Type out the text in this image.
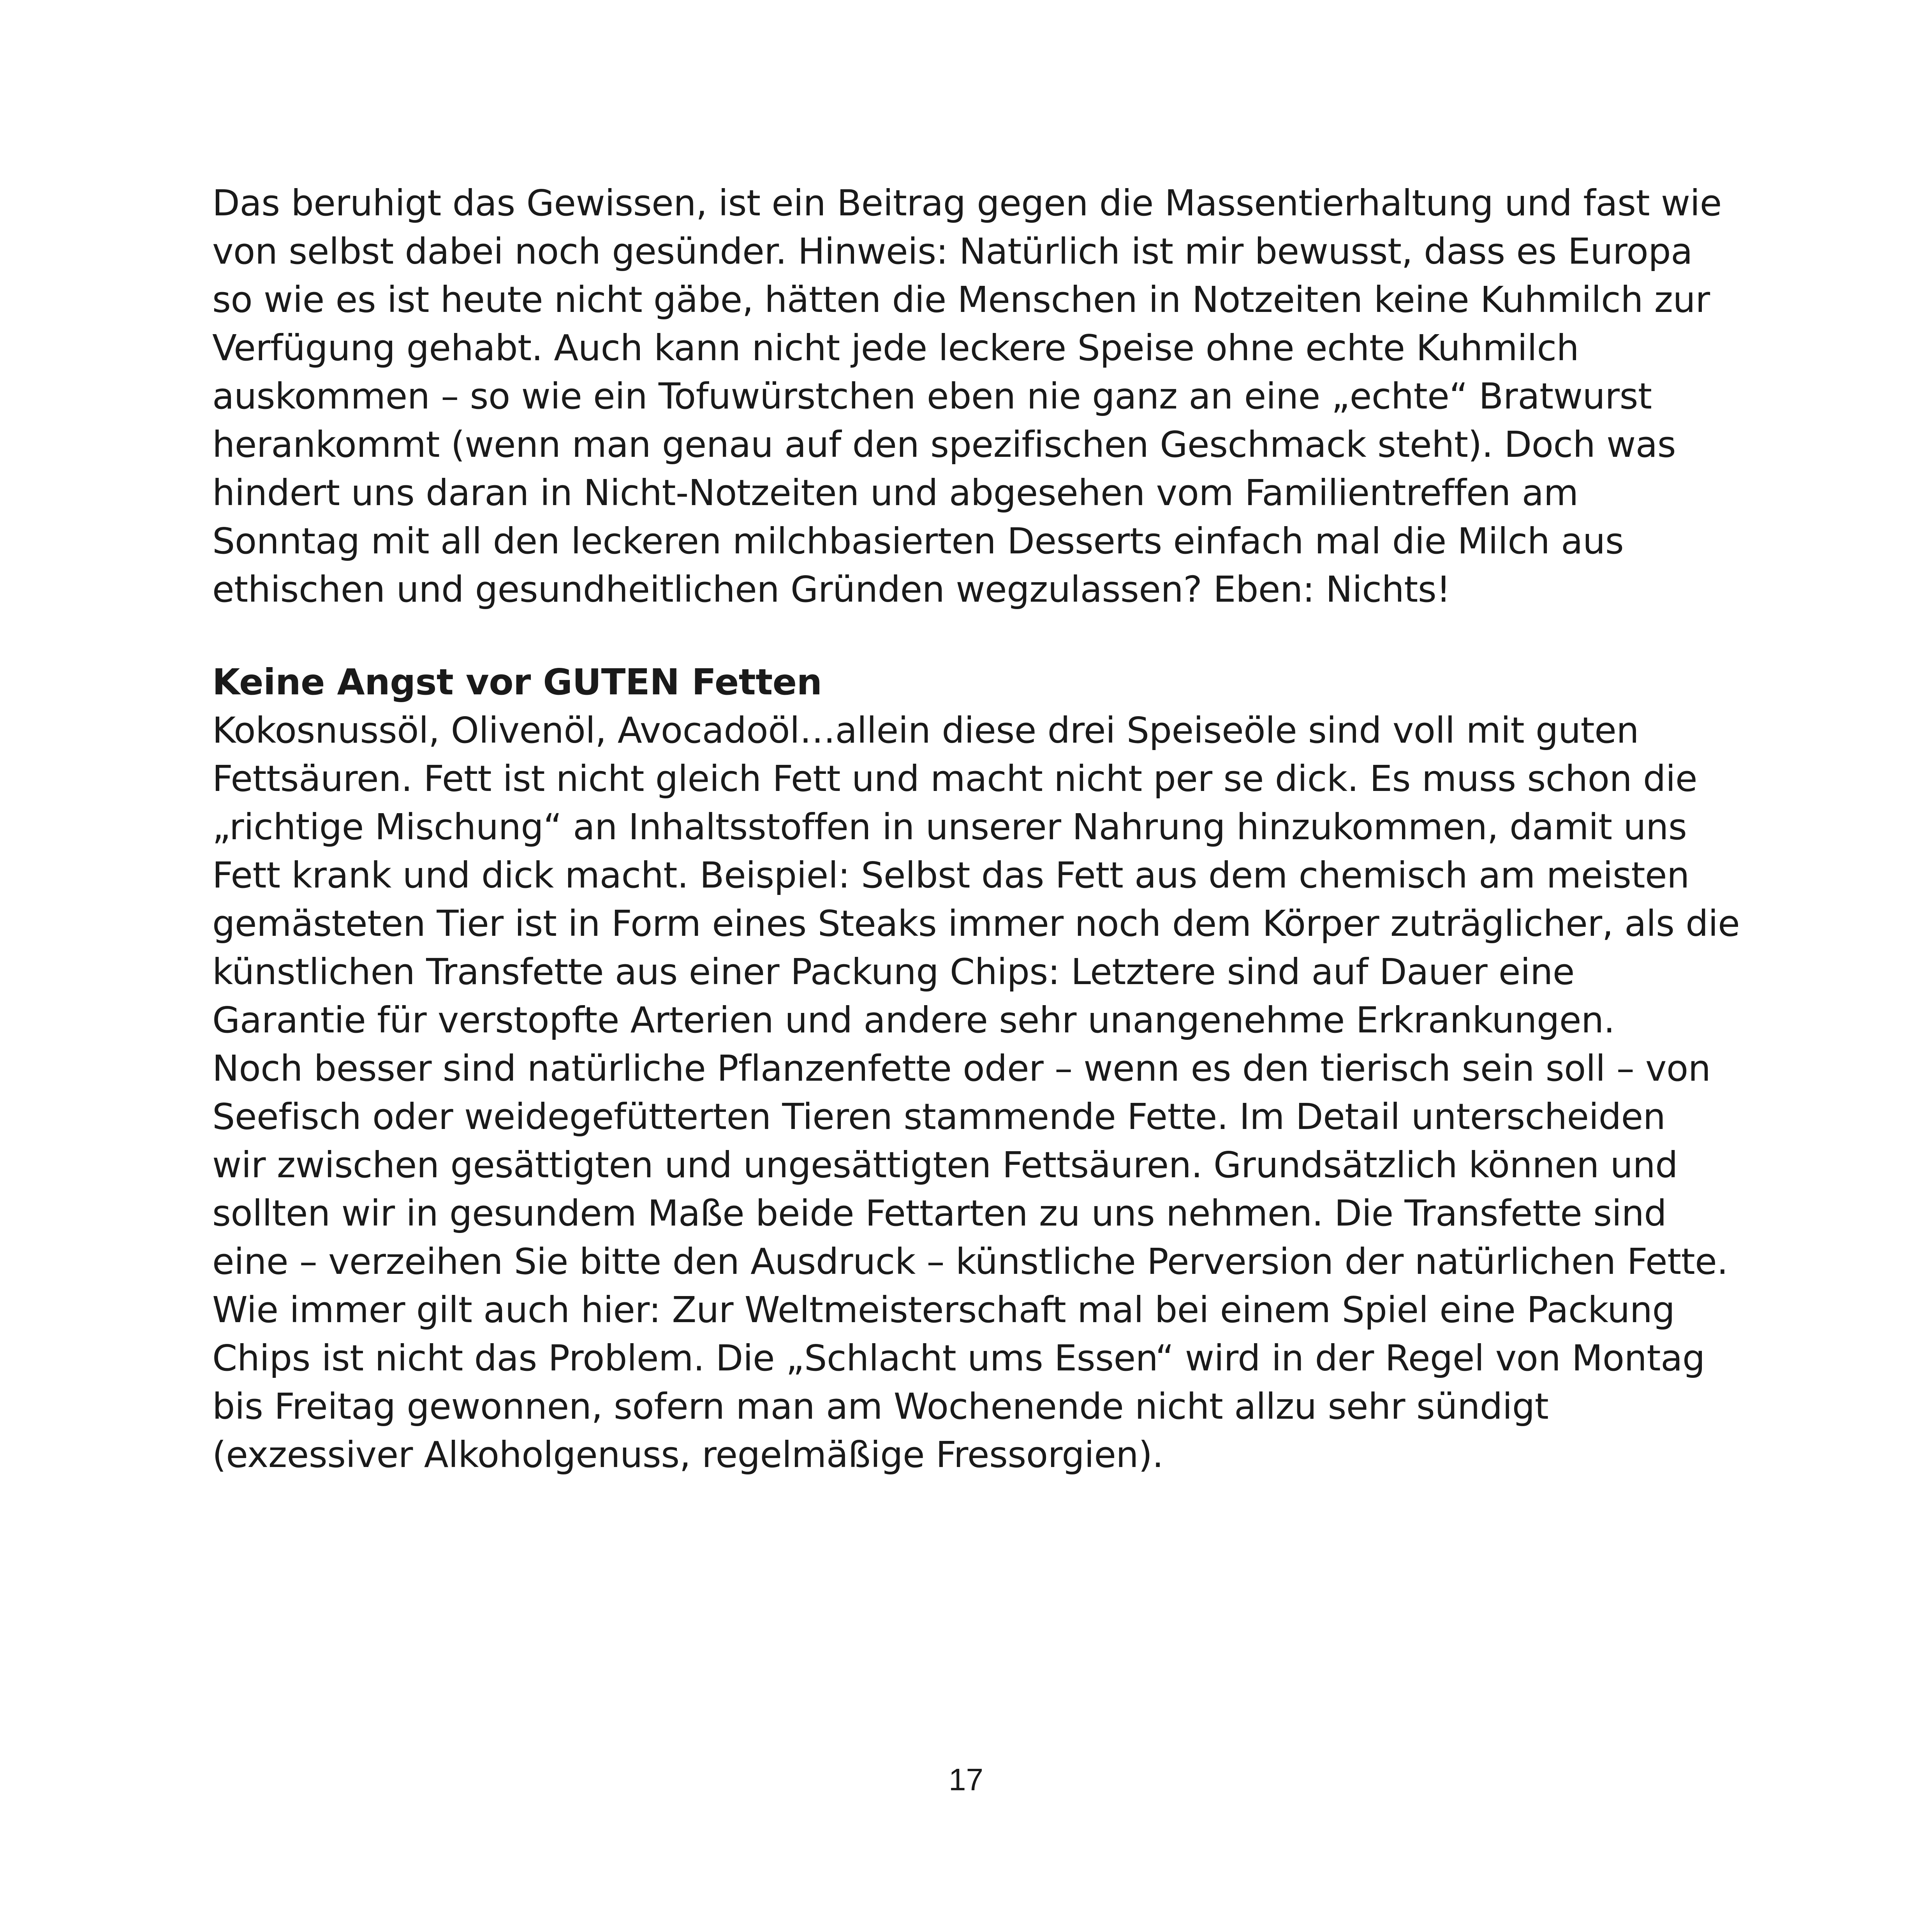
Das beruhigt das Gewissen, ist ein Beitrag gegen die Massentierhaltung und fast wie
von selbst dabei noch gesünder. Hinweis: Natürlich ist mir bewusst, dass es Europa
so wie es ist heute nicht gäbe, hätten die Menschen in Notzeiten keine Kuhmilch zur
Verfügung gehabt. Auch kann nicht jede leckere Speise ohne echte Kuhmilch
auskommen – so wie ein Tofuwürstchen eben nie ganz an eine „echte“ Bratwurst
herankommt (wenn man genau auf den spezifischen Geschmack steht). Doch was
hindert uns daran in Nicht-Notzeiten und abgesehen vom Familientreffen am
Sonntag mit all den leckeren milchbasierten Desserts einfach mal die Milch aus
ethischen und gesundheitlichen Gründen wegzulassen? Eben: Nichts!
Keine Angst vor GUTEN Fetten
Kokosnussöl, Olivenöl, Avocadoöl…allein diese drei Speiseöle sind voll mit guten
Fettsäuren. Fett ist nicht gleich Fett und macht nicht per se dick. Es muss schon die
„richtige Mischung“ an Inhaltsstoffen in unserer Nahrung hinzukommen, damit uns
Fett krank und dick macht. Beispiel: Selbst das Fett aus dem chemisch am meisten
gemästeten Tier ist in Form eines Steaks immer noch dem Körper zuträglicher, als die
künstlichen Transfette aus einer Packung Chips: Letztere sind auf Dauer eine
Garantie für verstopfte Arterien und andere sehr unangenehme Erkrankungen.
Noch besser sind natürliche Pflanzenfette oder – wenn es den tierisch sein soll – von
Seefisch oder weidegefütterten Tieren stammende Fette. Im Detail unterscheiden
wir zwischen gesättigten und ungesättigten Fettsäuren. Grundsätzlich können und
sollten wir in gesundem Maße beide Fettarten zu uns nehmen. Die Transfette sind
eine – verzeihen Sie bitte den Ausdruck – künstliche Perversion der natürlichen Fette.
Wie immer gilt auch hier: Zur Weltmeisterschaft mal bei einem Spiel eine Packung
Chips ist nicht das Problem. Die „Schlacht ums Essen“ wird in der Regel von Montag
bis Freitag gewonnen, sofern man am Wochenende nicht allzu sehr sündigt
(exzessiver Alkoholgenuss, regelmäßige Fressorgien).
17
